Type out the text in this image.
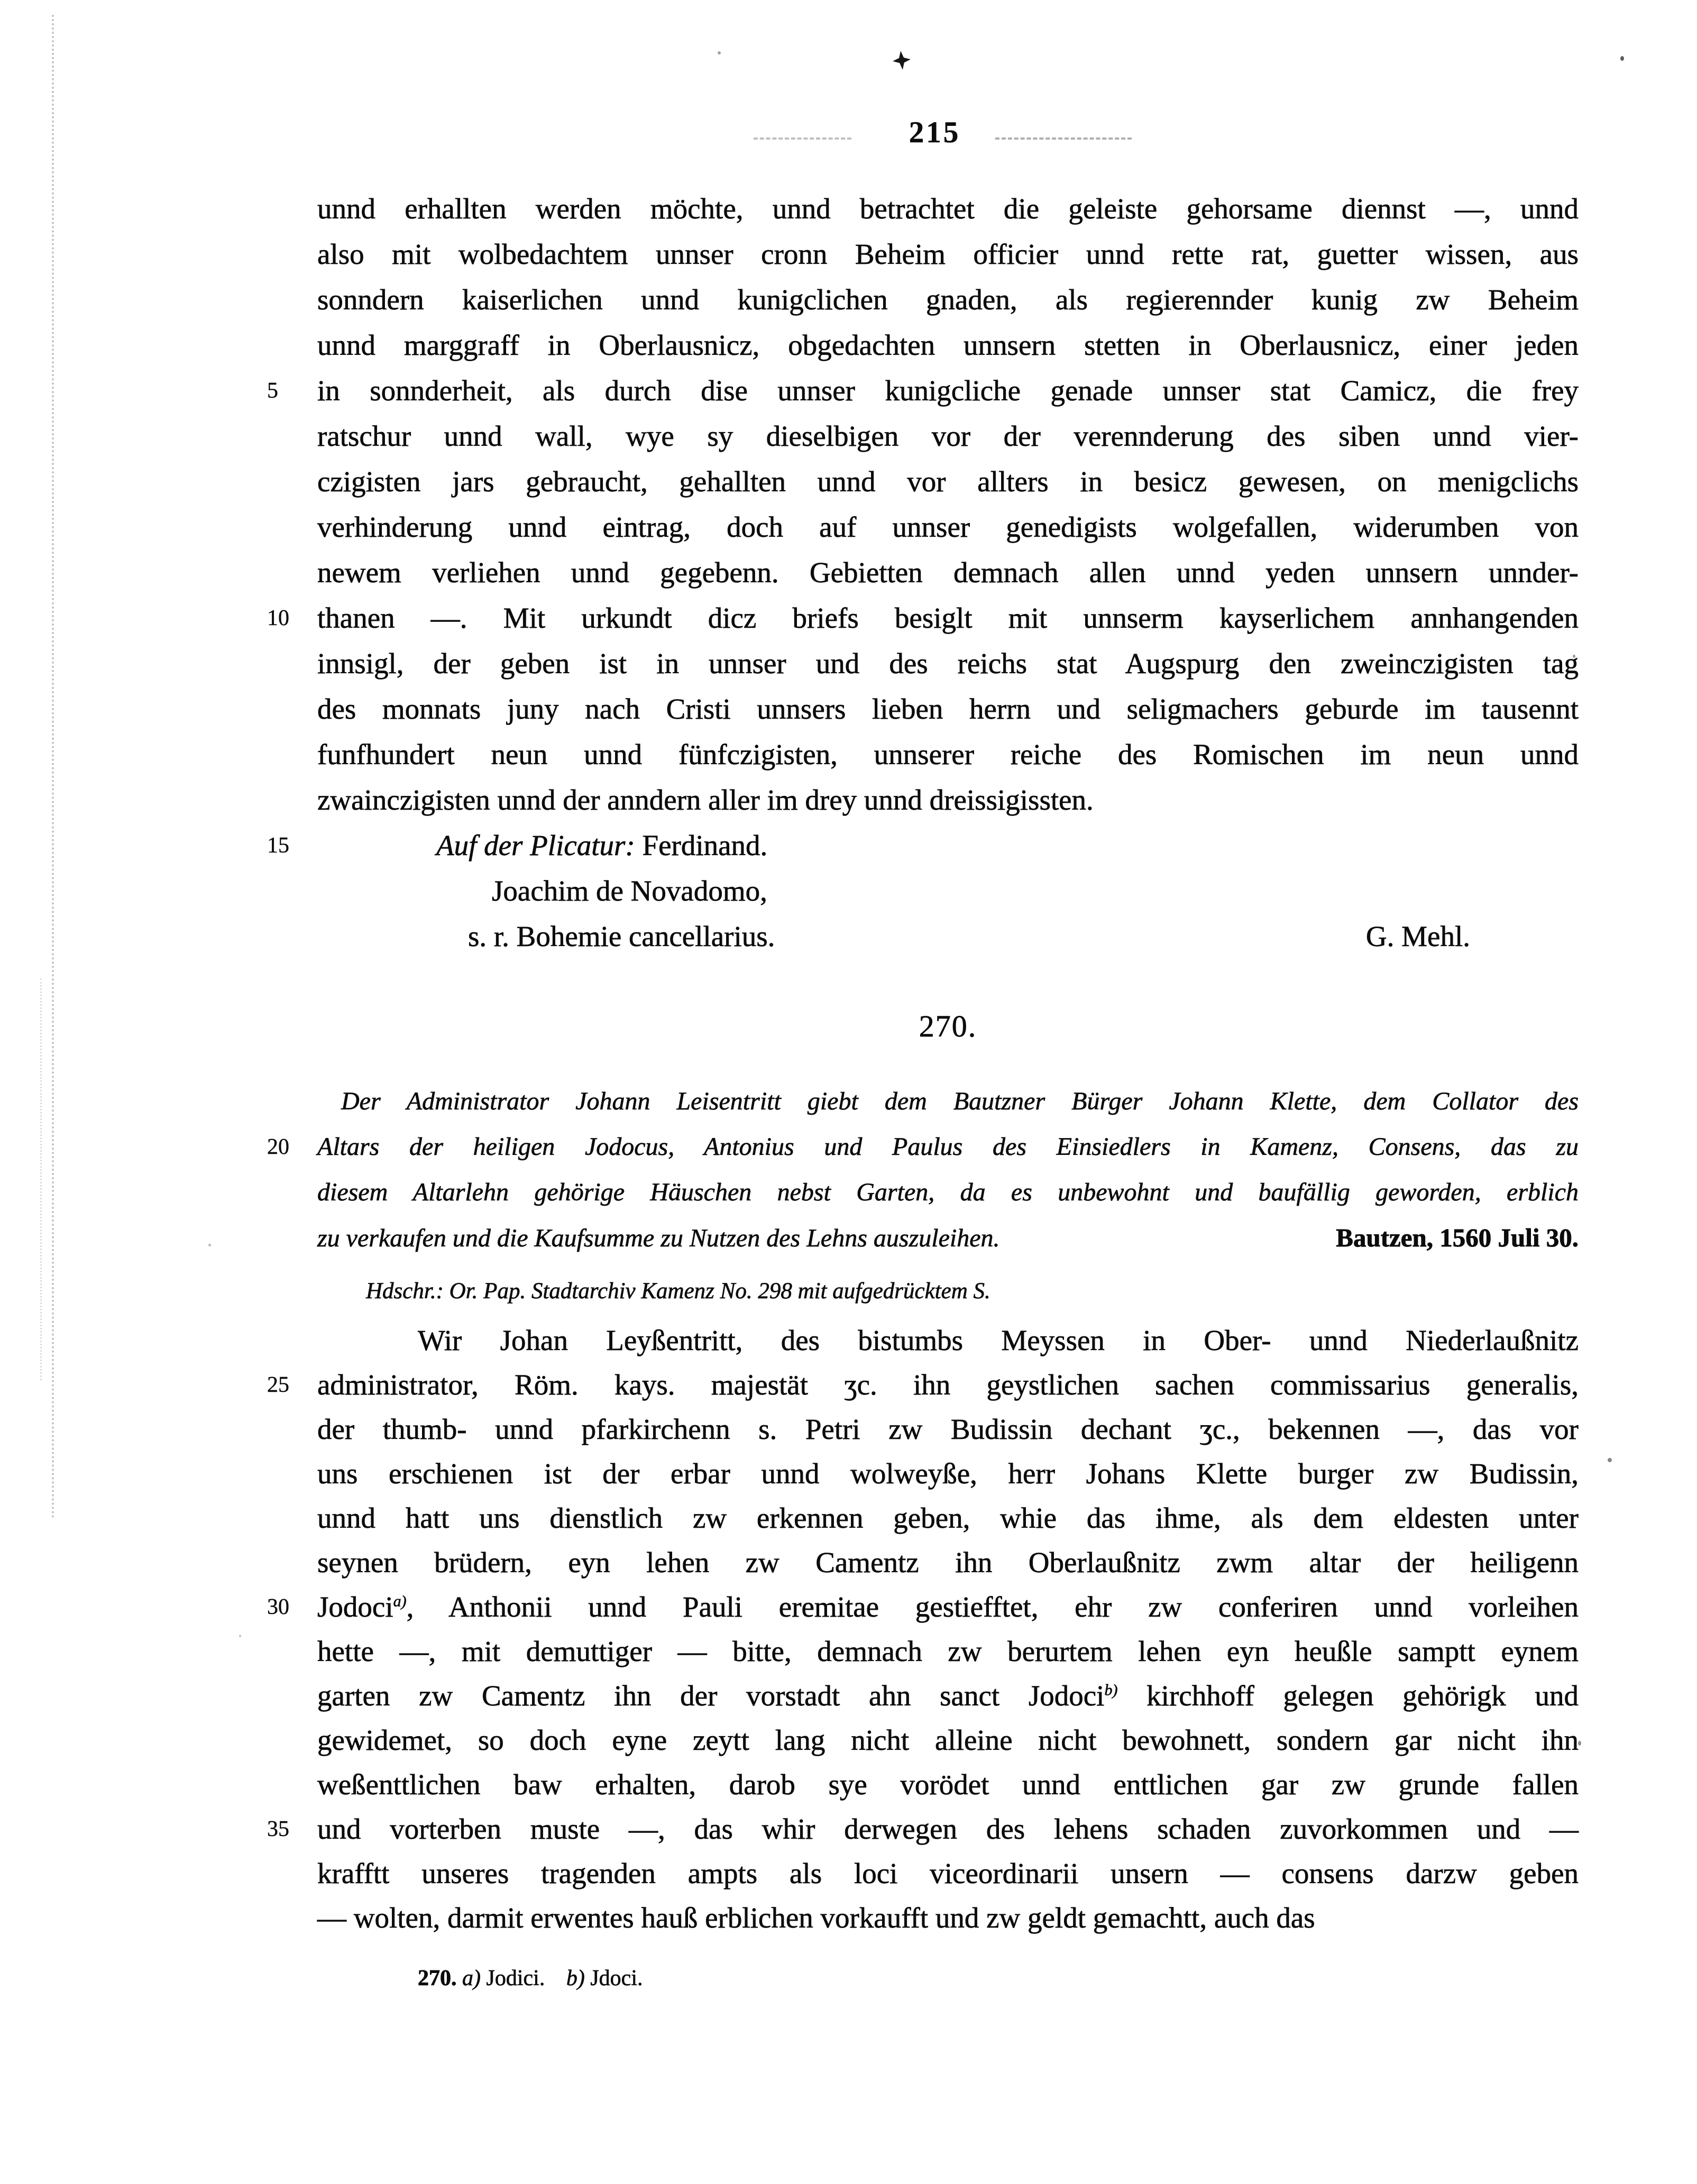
215
unnd erhallten werden möchte, unnd betrachtet die geleiste gehorsame diennst —, unnd
also mit wolbedachtem unnser cronn Beheim officier unnd rette rat, guetter wissen, aus
sonndern kaiserlichen unnd kunigclichen gnaden, als regierennder kunig zw Beheim
unnd marggraff in Oberlausnicz, obgedachten unnsern stetten in Oberlausnicz, einer jeden
5	in sonnderheit, als durch dise unnser kunigcliche genade unnser stat Camicz, die frey
ratschur unnd wall, wye sy dieselbigen vor der verennderung des siben unnd vier-
czigisten jars gebraucht, gehallten unnd vor allters in besicz gewesen, on menigclichs
verhinderung unnd eintrag, doch auf unnser genedigists wolgefallen, widerumben von
newem verliehen unnd gegebenn. Gebietten demnach allen unnd yeden unnsern unnder-
10 thanen —. Mit urkundt dicz briefs besiglt mit unnserm kayserlichem annhangenden
innsigl, der geben ist in unnser und des reichs stat Augspurg den zweinczigisten tag
des monnats juny nach Cristi unnsers lieben herrn und seligmachers geburde im tausennt
funfhundert neun unnd fünfczigisten, unnserer reiche des Romischen im neun unnd
zwainczigisten unnd der anndern aller im drey unnd dreissigissten.
15	Auf der Plicatur: Ferdinand.
Joachim de Novadomo,
s. r. Bohemie cancellarius.	G. Mehl.
270.
Der Administrator Johann Leisentritt giebt dem Bautzner Bürger Johann Klette, dem Collator des
20	Altars der heiligen Jodocus, Antonius und Paulus des Einsiedlers in Kamenz, Consens, das zu
diesem Altarlehn gehörige Häuschen nebst Garten, da es unbewohnt und baufällig geworden, erblich
zu verkaufen und die Kaufsumme zu Nutzen des Lehns auszuleihen.	Bautzen, 1560 Juli 30.
Hdschr.: Or. Pap. Stadtarchiv Kamenz No. 298 mit aufgedrücktem S.
Wir Johan Leyßentritt, des bistumbs Meyssen in Ober- unnd Niederlaußnitz
25 administrator, Röm. kays. majestät ʒc. ihn geystlichen sachen commissarius generalis,
der thumb- unnd pfarkirchenn s. Petri zw Budissin dechant ʒc., bekennen —, das vor
uns erschienen ist der erbar unnd wolweyße, herr Johans Klette burger zw Budissin,
unnd hatt uns dienstlich zw erkennen geben, whie das ihme, als dem eldesten unter
seynen brüdern, eyn lehen zw Camentz ihn Oberlaußnitz zwm altar der heiligenn
30 Jodoci$^{a)}$, Anthonii unnd Pauli eremitae gestiefftet, ehr zw conferiren unnd vorleihen
hette —, mit demuttiger — bitte, demnach zw berurtem lehen eyn heußle samptt eynem
garten zw Camentz ihn der vorstadt ahn sanct Jodoci$^{b)}$ kirchhoff gelegen gehörigk und
gewidemet, so doch eyne zeytt lang nicht alleine nicht bewohnett, sondern gar nicht ihn
weßenttlichen baw erhalten, darob sye vorödet unnd enttlichen gar zw grunde fallen
35 und vorterben muste —, das whir derwegen des lehens schaden zuvorkommen und —
krafftt unseres tragenden ampts als loci viceordinarii unsern — consens darzw geben
— wolten, darmit erwentes hauß erblichen vorkaufft und zw geldt gemachtt, auch das
270. a) Jodici. b) Jdoci.
